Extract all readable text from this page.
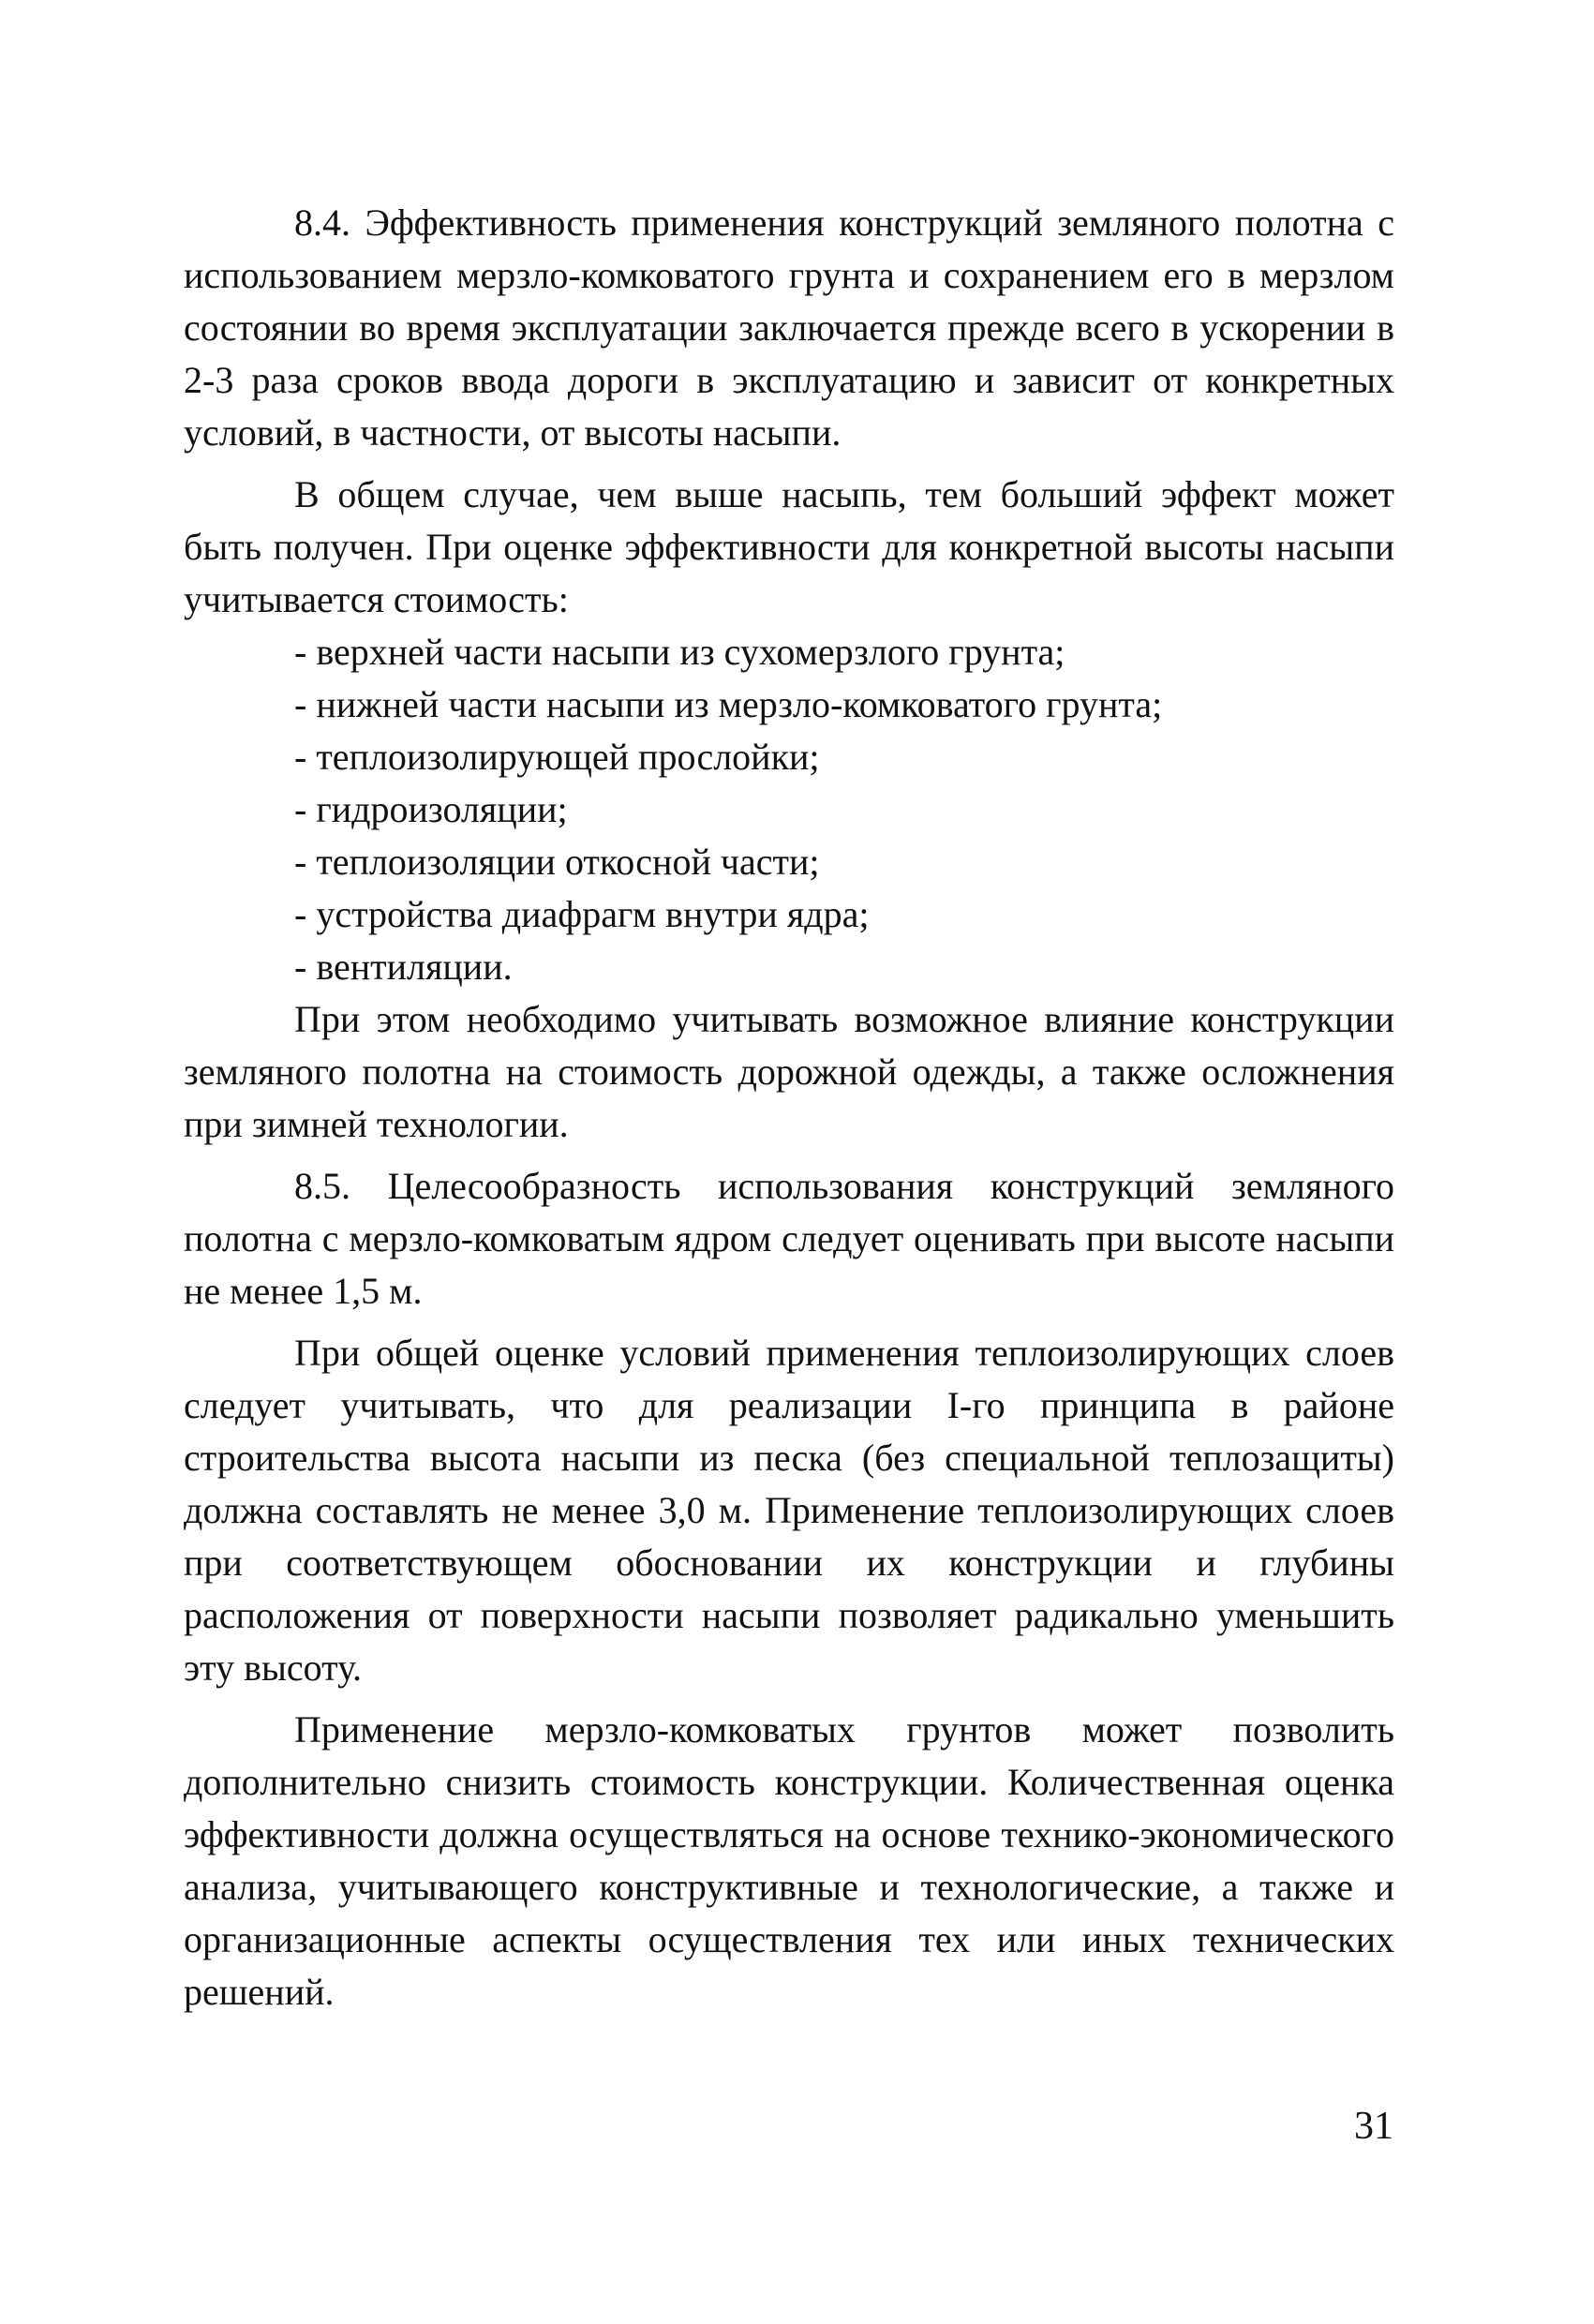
8.4. Эффективность применения конструкций земляного полотна с использованием мерзло-комковатого грунта и сохранением его в мерзлом состоянии во время эксплуатации заключается прежде всего в ускорении в 2-3 раза сроков ввода дороги в эксплуатацию и зависит от конкретных условий, в частности, от высоты насыпи.

В общем случае, чем выше насыпь, тем больший эффект может быть получен. При оценке эффективности для конкретной высоты насыпи учитывается стоимость:

- верхней части насыпи из сухомерзлого грунта;
- нижней части насыпи из мерзло-комковатого грунта;
- теплоизолирующей прослойки;
- гидроизоляции;
- теплоизоляции откосной части;
- устройства диафрагм внутри ядра;
- вентиляции.

При этом необходимо учитывать возможное влияние конструкции земляного полотна на стоимость дорожной одежды, а также осложнения при зимней технологии.

8.5. Целесообразность использования конструкций земляного полотна с мерзло-комковатым ядром следует оценивать при высоте насыпи не менее 1,5 м.

При общей оценке условий применения теплоизолирующих слоев следует учитывать, что для реализации I-го принципа в районе строительства высота насыпи из песка (без специальной теплозащиты) должна составлять не менее 3,0 м. Применение теплоизолирующих слоев при соответствующем обосновании их конструкции и глубины расположения от поверхности насыпи позволяет радикально уменьшить эту высоту.

Применение мерзло-комковатых грунтов может позволить дополнительно снизить стоимость конструкции. Количественная оценка эффективности должна осуществляться на основе технико-экономического анализа, учитывающего конструктивные и технологические, а также и организационные аспекты осуществления тех или иных технических решений.

31
